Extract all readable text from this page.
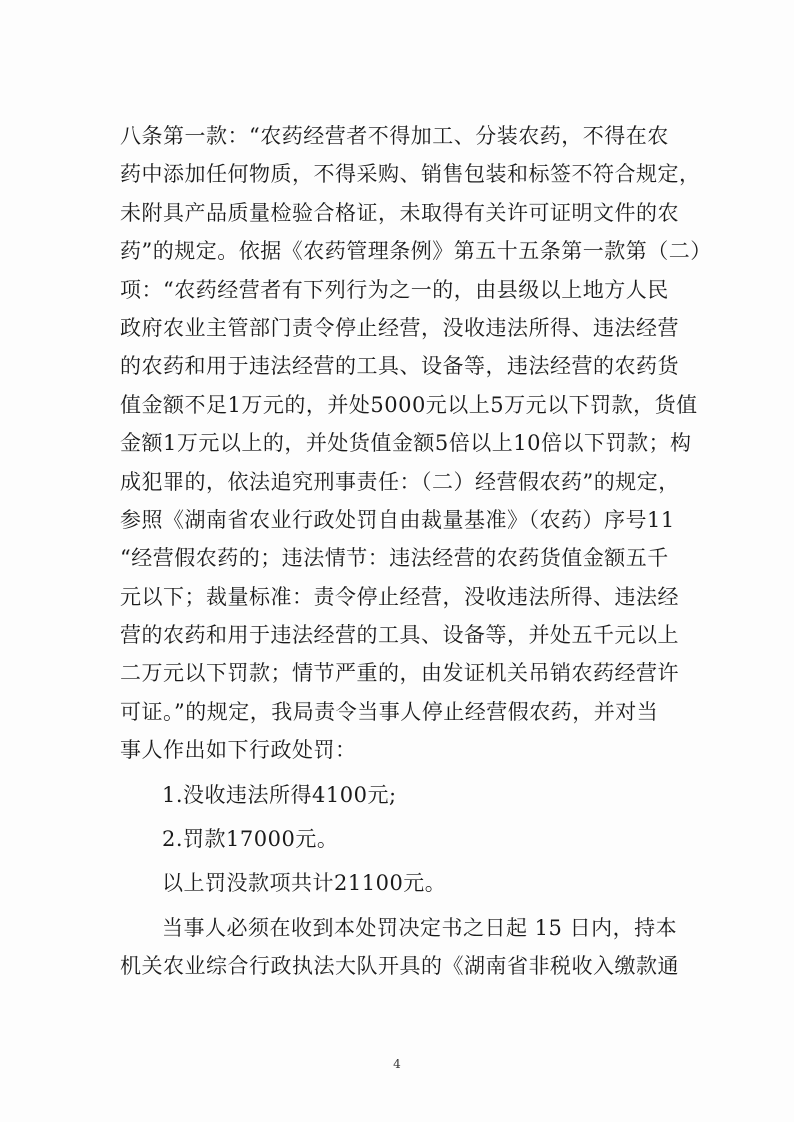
八条第一款：“农药经营者不得加工、分装农药，不得在农
药中添加任何物质，不得采购、销售包装和标签不符合规定，
未附具产品质量检验合格证，未取得有关许可证明文件的农
药”的规定。依据《农药管理条例》第五十五条第一款第（二）
项：“农药经营者有下列行为之一的，由县级以上地方人民
政府农业主管部门责令停止经营，没收违法所得、违法经营
的农药和用于违法经营的工具、设备等，违法经营的农药货
值金额不足1万元的，并处5000元以上5万元以下罚款，货值
金额1万元以上的，并处货值金额5倍以上10倍以下罚款；构
成犯罪的，依法追究刑事责任：（二）经营假农药”的规定，
参照《湖南省农业行政处罚自由裁量基准》（农药）序号11
“经营假农药的；违法情节：违法经营的农药货值金额五千
元以下；裁量标准：责令停止经营，没收违法所得、违法经
营的农药和用于违法经营的工具、设备等，并处五千元以上
二万元以下罚款；情节严重的，由发证机关吊销农药经营许
可证。”的规定，我局责令当事人停止经营假农药，并对当
事人作出如下行政处罚：
1.没收违法所得4100元;
2.罚款17000元。
以上罚没款项共计21100元。
当事人必须在收到本处罚决定书之日起 15 日内，持本
机关农业综合行政执法大队开具的《湖南省非税收入缴款通
4
